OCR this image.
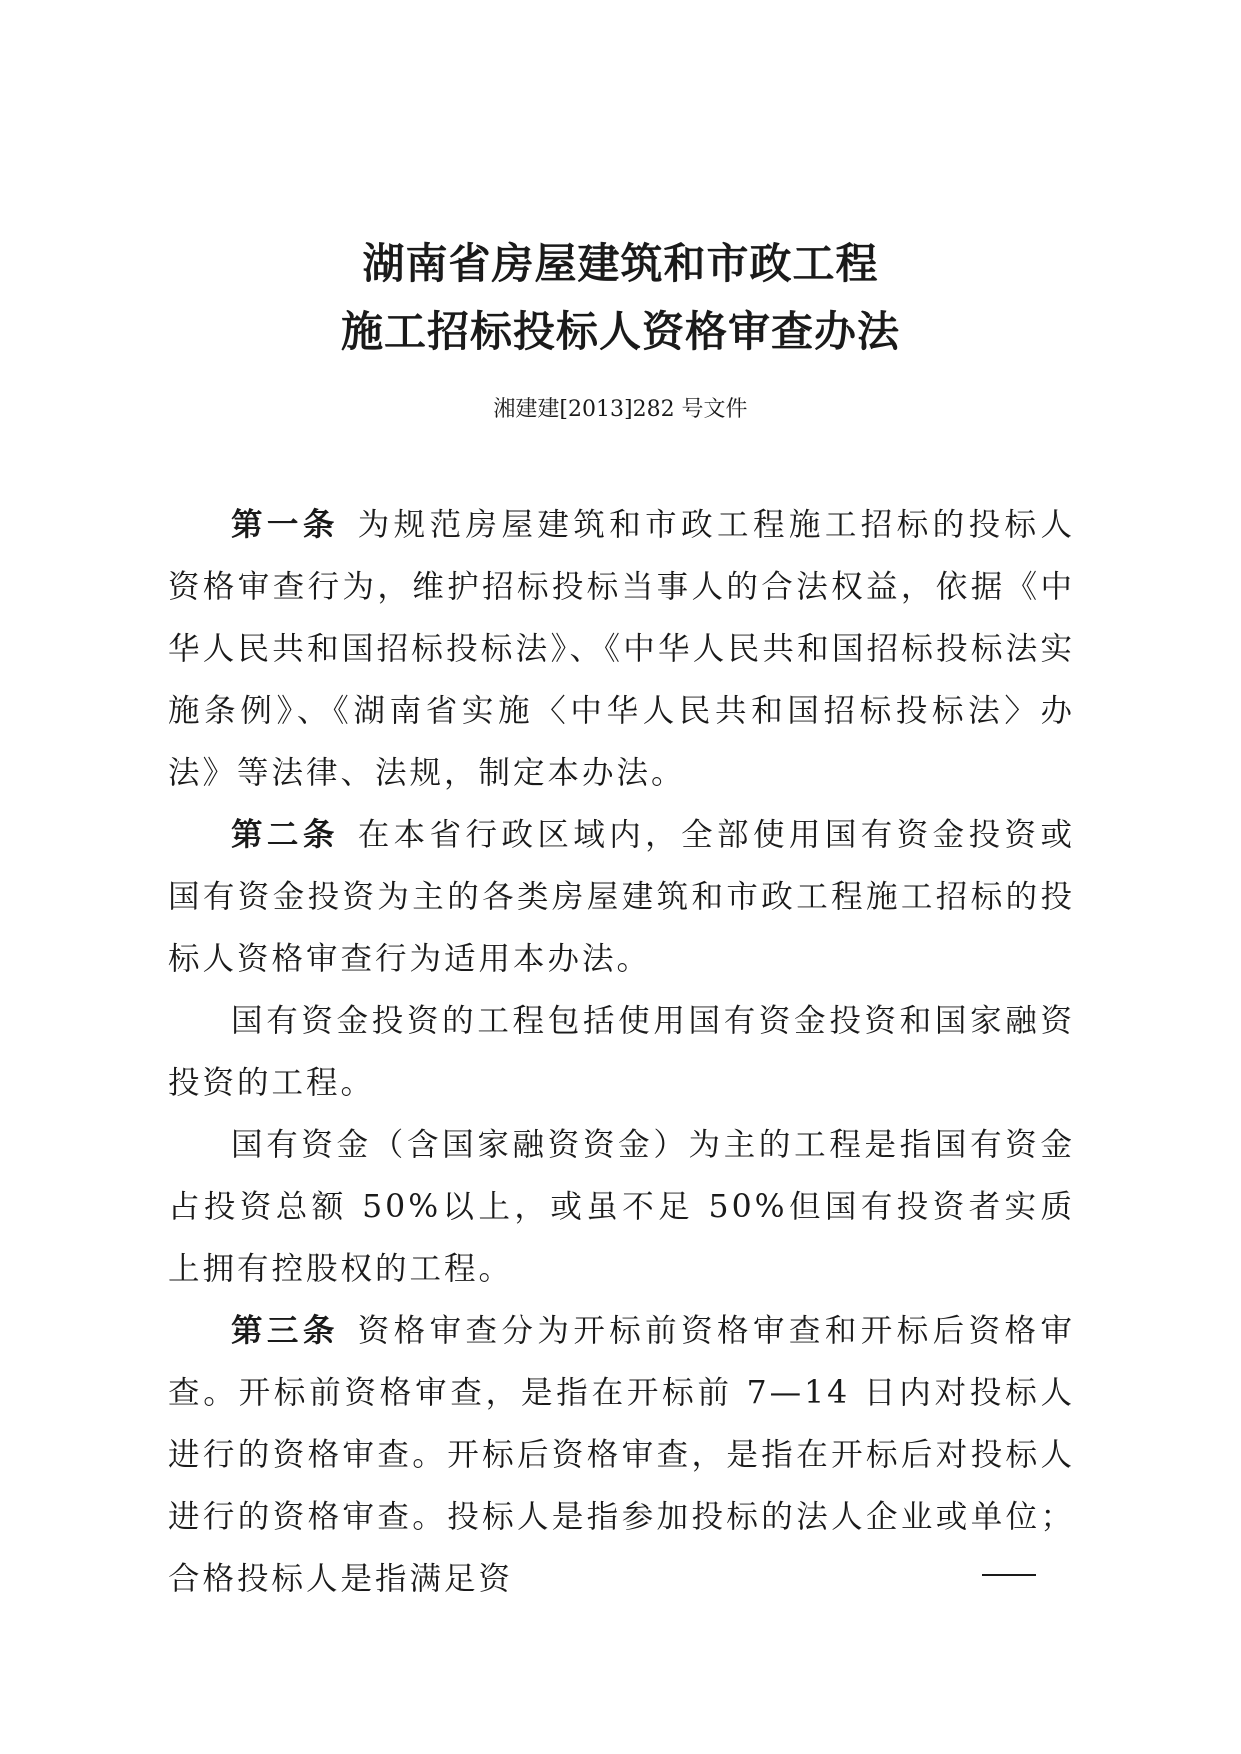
湖南省房屋建筑和市政工程
施工招标投标人资格审查办法
湘建建[2013]282 号文件

第一条 为规范房屋建筑和市政工程施工招标的投标人资格审查行为，维护招标投标当事人的合法权益，依据《中华人民共和国招标投标法》、《中华人民共和国招标投标法实施条例》、《湖南省实施〈中华人民共和国招标投标法〉办法》等法律、法规，制定本办法。

第二条 在本省行政区域内，全部使用国有资金投资或国有资金投资为主的各类房屋建筑和市政工程施工招标的投标人资格审查行为适用本办法。

国有资金投资的工程包括使用国有资金投资和国家融资投资的工程。

国有资金（含国家融资资金）为主的工程是指国有资金占投资总额 50%以上，或虽不足 50%但国有投资者实质上拥有控股权的工程。

第三条 资格审查分为开标前资格审查和开标后资格审查。开标前资格审查，是指在开标前 7—14 日内对投标人进行的资格审查。开标后资格审查，是指在开标后对投标人进行的资格审查。投标人是指参加投标的法人企业或单位；合格投标人是指满足资
